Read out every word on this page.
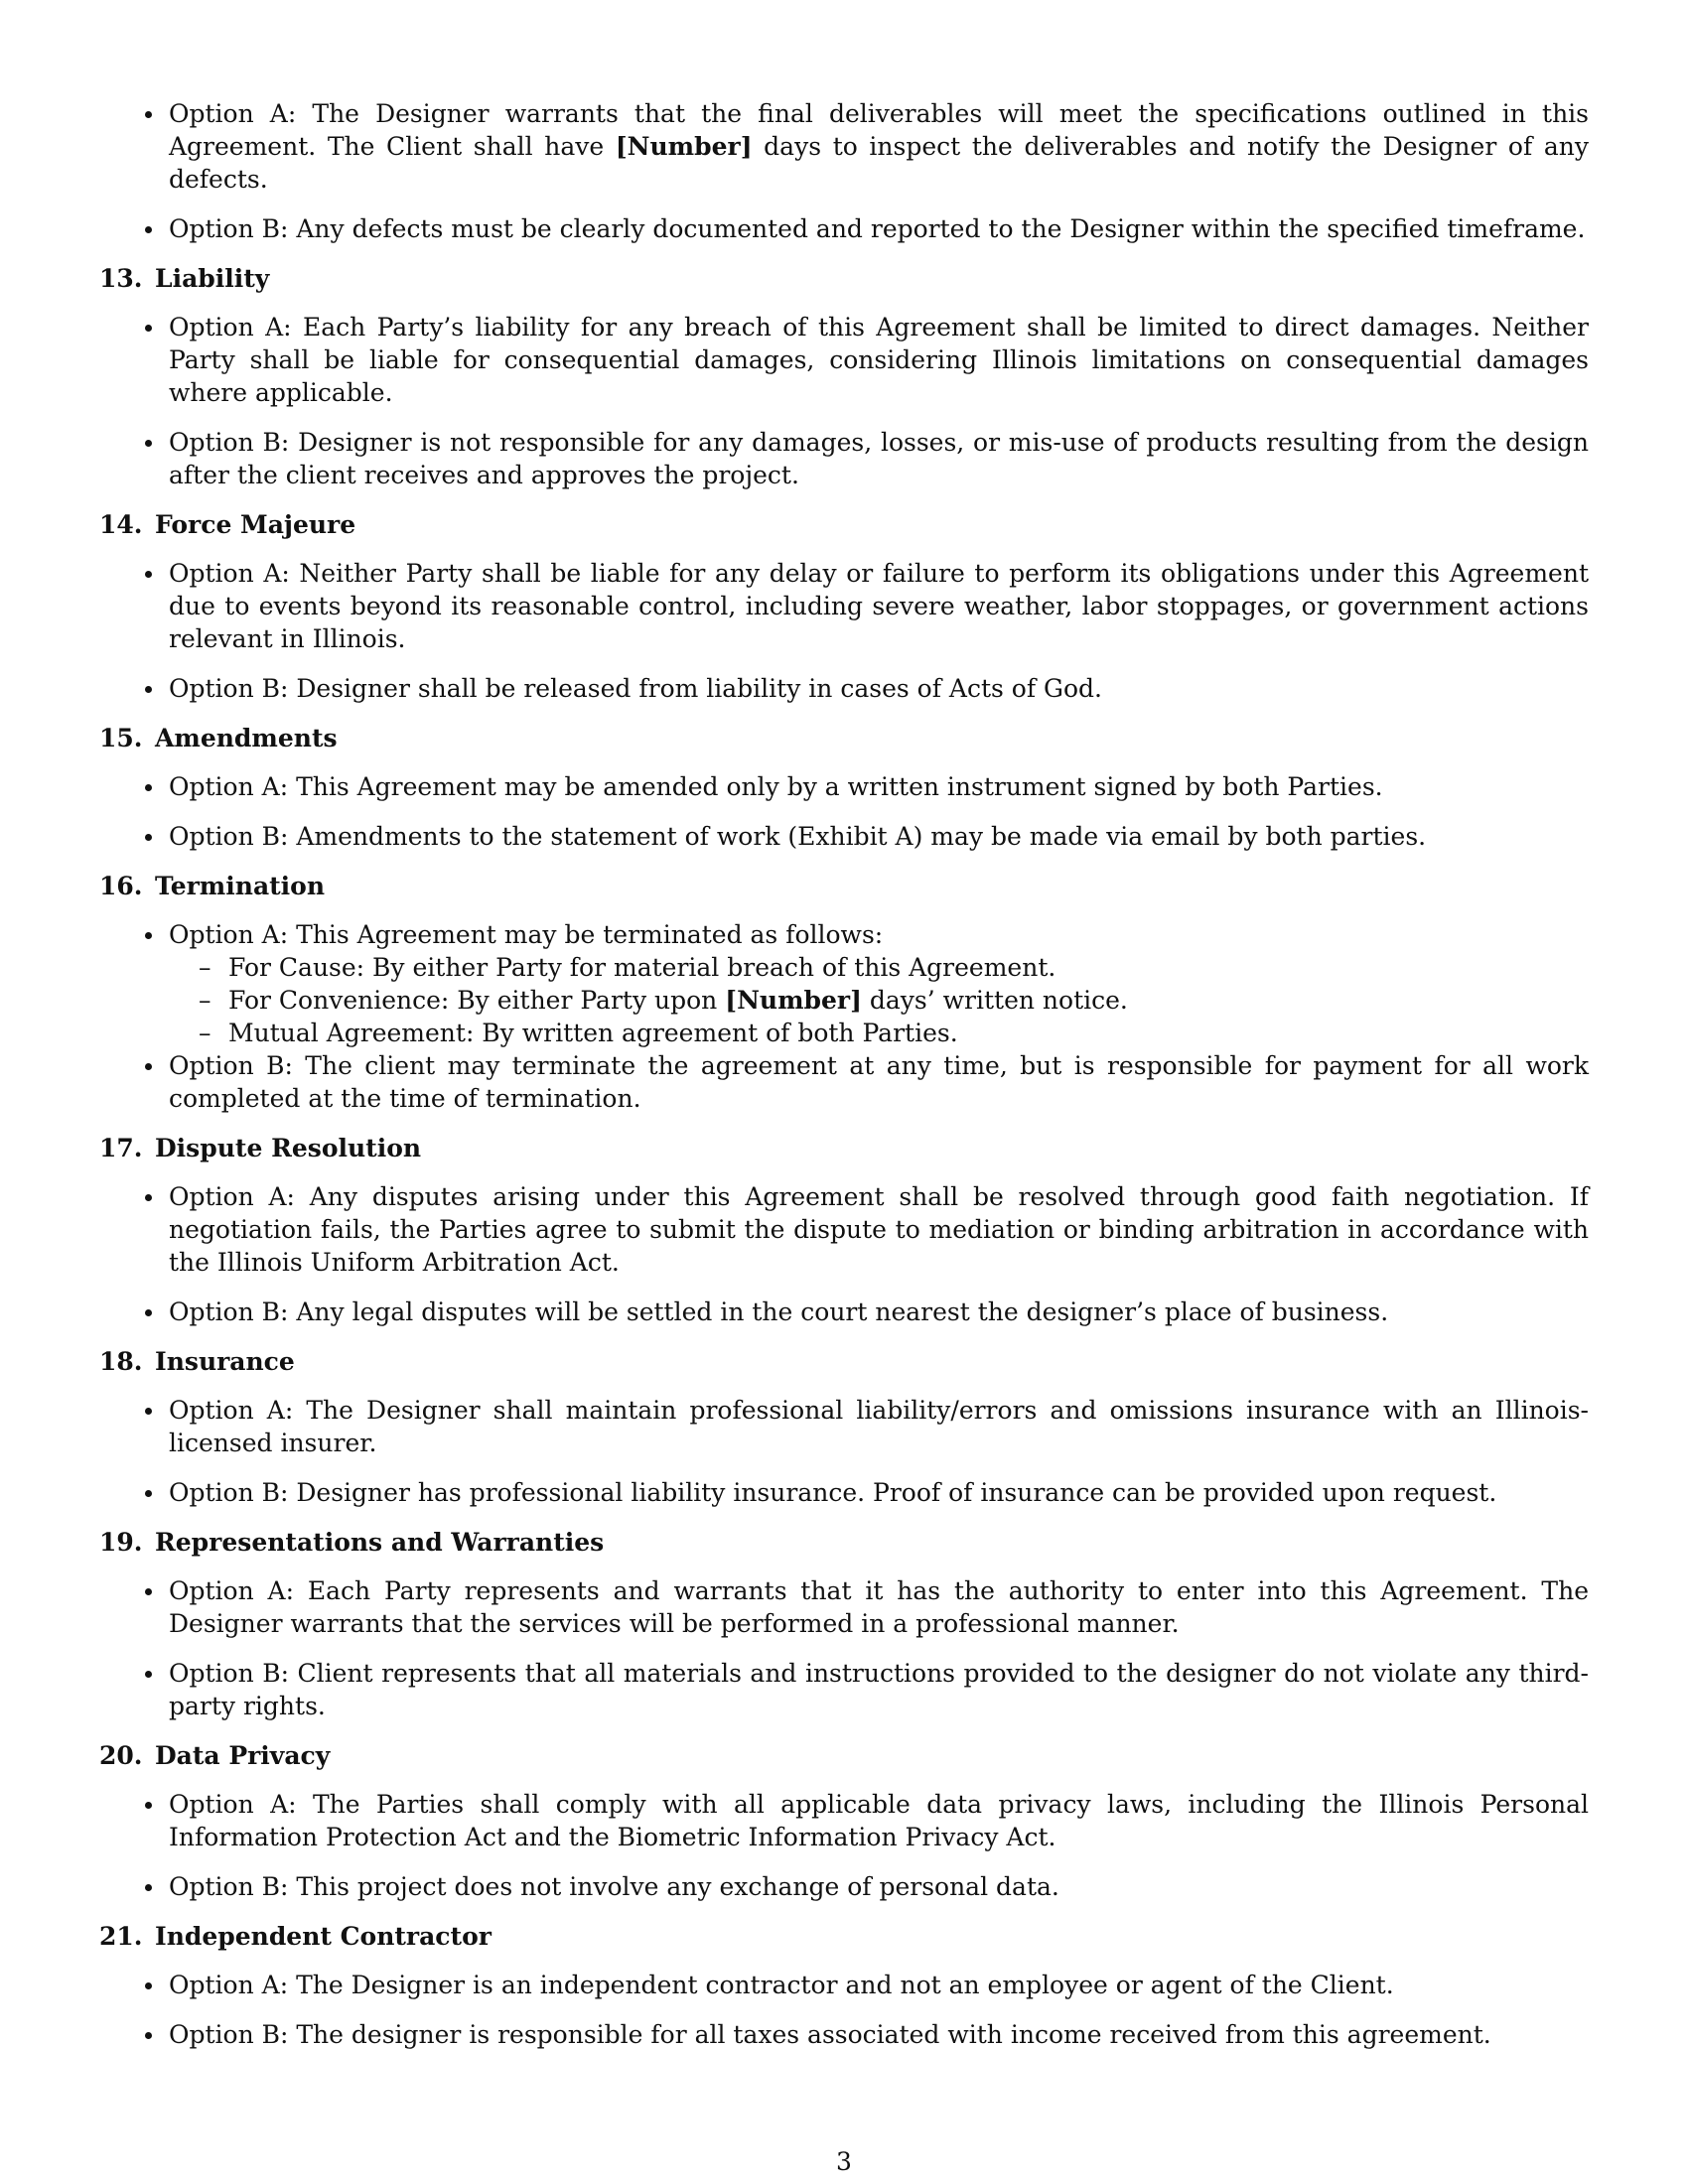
Option A: The Designer warrants that the final deliverables will meet the specifications outlined in this Agreement. The Client shall have [Number] days to inspect the deliverables and notify the Designer of any defects.
Option B: Any defects must be clearly documented and reported to the Designer within the specified timeframe.
13. Liability
Option A: Each Party’s liability for any breach of this Agreement shall be limited to direct damages. Neither Party shall be liable for consequential damages, considering Illinois limitations on consequential damages where applicable.
Option B: Designer is not responsible for any damages, losses, or mis-use of products resulting from the design after the client receives and approves the project.
14. Force Majeure
Option A: Neither Party shall be liable for any delay or failure to perform its obligations under this Agreement due to events beyond its reasonable control, including severe weather, labor stoppages, or government actions relevant in Illinois.
Option B: Designer shall be released from liability in cases of Acts of God.
15. Amendments
Option A: This Agreement may be amended only by a written instrument signed by both Parties.
Option B: Amendments to the statement of work (Exhibit A) may be made via email by both parties.
16. Termination
Option A: This Agreement may be terminated as follows:
– For Cause: By either Party for material breach of this Agreement.
– For Convenience: By either Party upon [Number] days’ written notice.
– Mutual Agreement: By written agreement of both Parties.
Option B: The client may terminate the agreement at any time, but is responsible for payment for all work completed at the time of termination.
17. Dispute Resolution
Option A: Any disputes arising under this Agreement shall be resolved through good faith negotiation. If negotiation fails, the Parties agree to submit the dispute to mediation or binding arbitration in accordance with the Illinois Uniform Arbitration Act.
Option B: Any legal disputes will be settled in the court nearest the designer’s place of business.
18. Insurance
Option A: The Designer shall maintain professional liability/errors and omissions insurance with an Illinois-licensed insurer.
Option B: Designer has professional liability insurance. Proof of insurance can be provided upon request.
19. Representations and Warranties
Option A: Each Party represents and warrants that it has the authority to enter into this Agreement. The Designer warrants that the services will be performed in a professional manner.
Option B: Client represents that all materials and instructions provided to the designer do not violate any third-party rights.
20. Data Privacy
Option A: The Parties shall comply with all applicable data privacy laws, including the Illinois Personal Information Protection Act and the Biometric Information Privacy Act.
Option B: This project does not involve any exchange of personal data.
21. Independent Contractor
Option A: The Designer is an independent contractor and not an employee or agent of the Client.
Option B: The designer is responsible for all taxes associated with income received from this agreement.
3
